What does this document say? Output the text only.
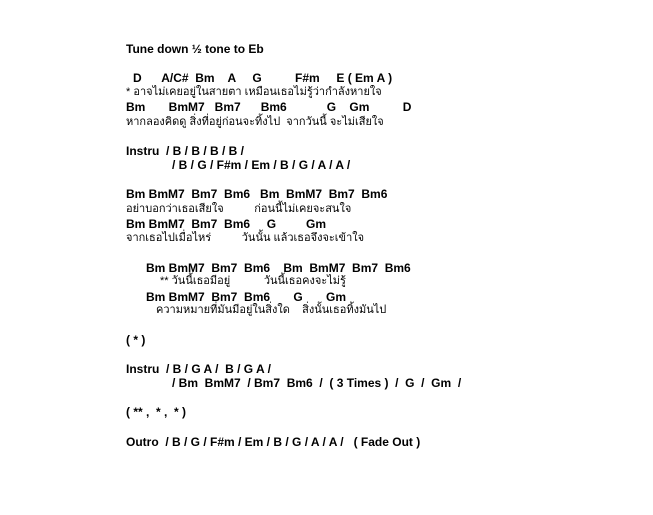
Tune down ½ tone to Eb
D      A/C#  Bm    A     G          F#m     E ( Em A )
* อาจไม่เคยอยู่ในสายตา เหมือนเธอไม่รู้ว่ากำลังหายใจ
Bm       BmM7   Bm7      Bm6            G    Gm          D
หากลองคิดดู สิ่งที่อยู่ก่อนจะทิ้งไป  จากวันนี้ จะไม่เสียใจ
Instru  / B / B / B / B /
/ B / G / F#m / Em / B / G / A / A /
Bm BmM7  Bm7  Bm6   Bm  BmM7  Bm7  Bm6
อย่าบอกว่าเธอเสียใจ          ก่อนนี้ไม่เคยจะสนใจ
Bm BmM7  Bm7  Bm6     G         Gm
จากเธอไปเมื่อไหร่          วันนั้น แล้วเธอจึงจะเข้าใจ
Bm BmM7  Bm7  Bm6    Bm  BmM7  Bm7  Bm6
** วันนี้เธอมีอยู่           วันนี้เธอคงจะไม่รู้
Bm BmM7  Bm7  Bm6       G       Gm
ความหมายที่มันมีอยู่ในสิ่งใด    สิ่งนั้นเธอทิ้งมันไป
( * )
Instru  / B / G A /  B / G A /
/ Bm  BmM7  / Bm7  Bm6  /  ( 3 Times )  /  G  /  Gm  /
( ** ,  * ,  * )
Outro  / B / G / F#m / Em / B / G / A / A /   ( Fade Out )
